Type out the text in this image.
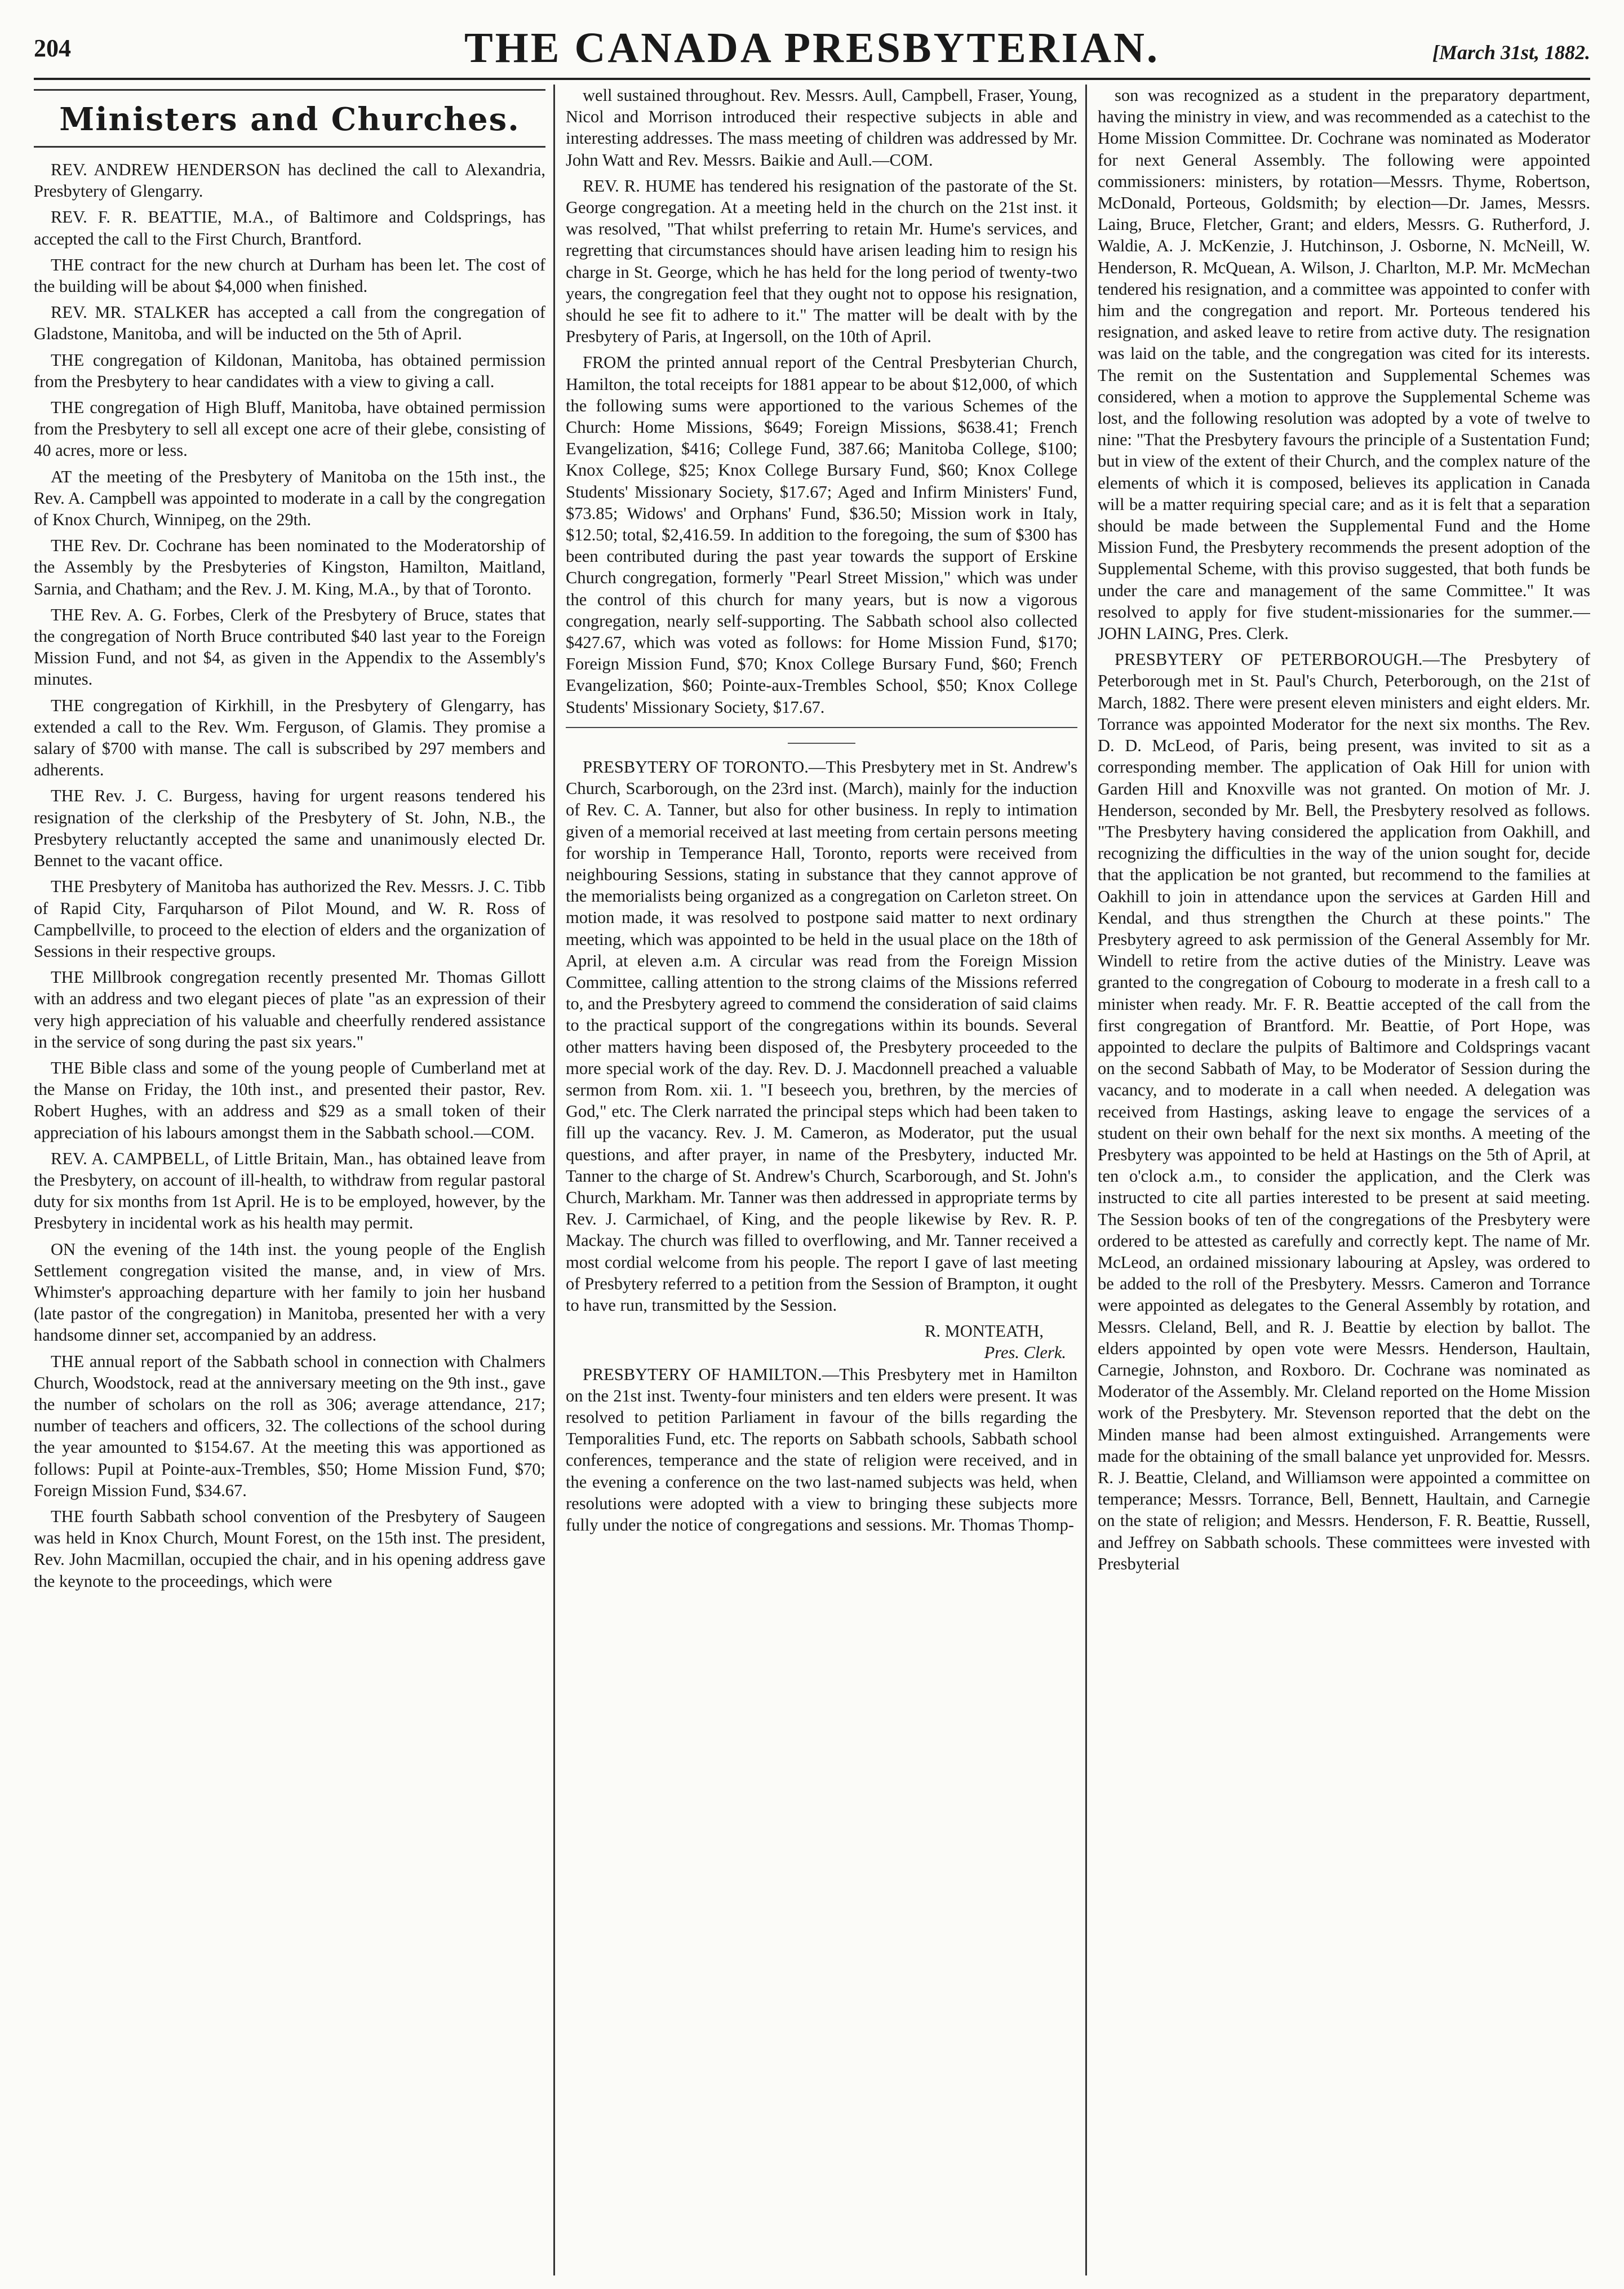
204	THE CANADA PRESBYTERIAN.	[March 31st, 1882.
Ministers and Churches.

REV. ANDREW HENDERSON has declined the call to Alexandria, Presbytery of Glengarry.

REV. F. R. BEATTIE, M.A., of Baltimore and Coldsprings, has accepted the call to the First Church, Brantford.

THE contract for the new church at Durham has been let. The cost of the building will be about $4,000 when finished.

REV. MR. STALKER has accepted a call from the congregation of Gladstone, Manitoba, and will be inducted on the 5th of April.

THE congregation of Kildonan, Manitoba, has obtained permission from the Presbytery to hear candidates with a view to giving a call.

THE congregation of High Bluff, Manitoba, have obtained permission from the Presbytery to sell all except one acre of their glebe, consisting of 40 acres, more or less.

AT the meeting of the Presbytery of Manitoba on the 15th inst., the Rev. A. Campbell was appointed to moderate in a call by the congregation of Knox Church, Winnipeg, on the 29th.

THE Rev. Dr. Cochrane has been nominated to the Moderatorship of the Assembly by the Presbyteries of Kingston, Hamilton, Maitland, Sarnia, and Chatham; and the Rev. J. M. King, M.A., by that of Toronto.

THE Rev. A. G. Forbes, Clerk of the Presbytery of Bruce, states that the congregation of North Bruce contributed $40 last year to the Foreign Mission Fund, and not $4, as given in the Appendix to the Assembly's minutes.

THE congregation of Kirkhill, in the Presbytery of Glengarry, has extended a call to the Rev. Wm. Ferguson, of Glamis. They promise a salary of $700 with manse. The call is subscribed by 297 members and adherents.

THE Rev. J. C. Burgess, having for urgent reasons tendered his resignation of the clerkship of the Presbytery of St. John, N.B., the Presbytery reluctantly accepted the same and unanimously elected Dr. Bennet to the vacant office.

THE Presbytery of Manitoba has authorized the Rev. Messrs. J. C. Tibb of Rapid City, Farquharson of Pilot Mound, and W. R. Ross of Campbellville, to proceed to the election of elders and the organization of Sessions in their respective groups.

THE Millbrook congregation recently presented Mr. Thomas Gillott with an address and two elegant pieces of plate "as an expression of their very high appreciation of his valuable and cheerfully rendered assistance in the service of song during the past six years."

THE Bible class and some of the young people of Cumberland met at the Manse on Friday, the 10th inst., and presented their pastor, Rev. Robert Hughes, with an address and $29 as a small token of their appreciation of his labours amongst them in the Sabbath school.—COM.

REV. A. CAMPBELL, of Little Britain, Man., has obtained leave from the Presbytery, on account of ill-health, to withdraw from regular pastoral duty for six months from 1st April. He is to be employed, however, by the Presbytery in incidental work as his health may permit.

ON the evening of the 14th inst. the young people of the English Settlement congregation visited the manse, and, in view of Mrs. Whimster's approaching departure with her family to join her husband (late pastor of the congregation) in Manitoba, presented her with a very handsome dinner set, accompanied by an address.

THE annual report of the Sabbath school in connection with Chalmers Church, Woodstock, read at the anniversary meeting on the 9th inst., gave the number of scholars on the roll as 306; average attendance, 217; number of teachers and officers, 32. The collections of the school during the year amounted to $154.67. At the meeting this was apportioned as follows: Pupil at Pointe-aux-Trembles, $50; Home Mission Fund, $70; Foreign Mission Fund, $34.67.

THE fourth Sabbath school convention of the Presbytery of Saugeen was held in Knox Church, Mount Forest, on the 15th inst. The president, Rev. John Macmillan, occupied the chair, and in his opening address gave the keynote to the proceedings, which were

well sustained throughout. Rev. Messrs. Aull, Campbell, Fraser, Young, Nicol and Morrison introduced their respective subjects in able and interesting addresses. The mass meeting of children was addressed by Mr. John Watt and Rev. Messrs. Baikie and Aull.—COM.

REV. R. HUME has tendered his resignation of the pastorate of the St. George congregation. At a meeting held in the church on the 21st inst. it was resolved, "That whilst preferring to retain Mr. Hume's services, and regretting that circumstances should have arisen leading him to resign his charge in St. George, which he has held for the long period of twenty-two years, the congregation feel that they ought not to oppose his resignation, should he see fit to adhere to it." The matter will be dealt with by the Presbytery of Paris, at Ingersoll, on the 10th of April.

FROM the printed annual report of the Central Presbyterian Church, Hamilton, the total receipts for 1881 appear to be about $12,000, of which the following sums were apportioned to the various Schemes of the Church: Home Missions, $649; Foreign Missions, $638.41; French Evangelization, $416; College Fund, 387.66; Manitoba College, $100; Knox College, $25; Knox College Bursary Fund, $60; Knox College Students' Missionary Society, $17.67; Aged and Infirm Ministers' Fund, $73.85; Widows' and Orphans' Fund, $36.50; Mission work in Italy, $12.50; total, $2,416.59. In addition to the foregoing, the sum of $300 has been contributed during the past year towards the support of Erskine Church congregation, formerly "Pearl Street Mission," which was under the control of this church for many years, but is now a vigorous congregation, nearly self-supporting. The Sabbath school also collected $427.67, which was voted as follows: for Home Mission Fund, $170; Foreign Mission Fund, $70; Knox College Bursary Fund, $60; French Evangelization, $60; Pointe-aux-Trembles School, $50; Knox College Students' Missionary Society, $17.67.

PRESBYTERY OF TORONTO.—This Presbytery met in St. Andrew's Church, Scarborough, on the 23rd inst. (March), mainly for the induction of Rev. C. A. Tanner, but also for other business. In reply to intimation given of a memorial received at last meeting from certain persons meeting for worship in Temperance Hall, Toronto, reports were received from neighbouring Sessions, stating in substance that they cannot approve of the memorialists being organized as a congregation on Carleton street. On motion made, it was resolved to postpone said matter to next ordinary meeting, which was appointed to be held in the usual place on the 18th of April, at eleven a.m. A circular was read from the Foreign Mission Committee, calling attention to the strong claims of the Missions referred to, and the Presbytery agreed to commend the consideration of said claims to the practical support of the congregations within its bounds. Several other matters having been disposed of, the Presbytery proceeded to the more special work of the day. Rev. D. J. Macdonnell preached a valuable sermon from Rom. xii. 1. "I beseech you, brethren, by the mercies of God," etc. The Clerk narrated the principal steps which had been taken to fill up the vacancy. Rev. J. M. Cameron, as Moderator, put the usual questions, and after prayer, in name of the Presbytery, inducted Mr. Tanner to the charge of St. Andrew's Church, Scarborough, and St. John's Church, Markham. Mr. Tanner was then addressed in appropriate terms by Rev. J. Carmichael, of King, and the people likewise by Rev. R. P. Mackay. The church was filled to overflowing, and Mr. Tanner received a most cordial welcome from his people. The report I gave of last meeting of Presbytery referred to a petition from the Session of Brampton, it ought to have run, transmitted by the Session.

R. MONTEATH,
Pres. Clerk.

PRESBYTERY OF HAMILTON.—This Presbytery met in Hamilton on the 21st inst. Twenty-four ministers and ten elders were present. It was resolved to petition Parliament in favour of the bills regarding the Temporalities Fund, etc. The reports on Sabbath schools, Sabbath school conferences, temperance and the state of religion were received, and in the evening a conference on the two last-named subjects was held, when resolutions were adopted with a view to bringing these subjects more fully under the notice of congregations and sessions. Mr. Thomas Thomp-

son was recognized as a student in the preparatory department, having the ministry in view, and was recommended as a catechist to the Home Mission Committee. Dr. Cochrane was nominated as Moderator for next General Assembly. The following were appointed commissioners: ministers, by rotation—Messrs. Thyme, Robertson, McDonald, Porteous, Goldsmith; by election—Dr. James, Messrs. Laing, Bruce, Fletcher, Grant; and elders, Messrs. G. Rutherford, J. Waldie, A. J. McKenzie, J. Hutchinson, J. Osborne, N. McNeill, W. Henderson, R. McQuean, A. Wilson, J. Charlton, M.P. Mr. McMechan tendered his resignation, and a committee was appointed to confer with him and the congregation and report. Mr. Porteous tendered his resignation, and asked leave to retire from active duty. The resignation was laid on the table, and the congregation was cited for its interests. The remit on the Sustentation and Supplemental Schemes was considered, when a motion to approve the Supplemental Scheme was lost, and the following resolution was adopted by a vote of twelve to nine: "That the Presbytery favours the principle of a Sustentation Fund; but in view of the extent of their Church, and the complex nature of the elements of which it is composed, believes its application in Canada will be a matter requiring special care; and as it is felt that a separation should be made between the Supplemental Fund and the Home Mission Fund, the Presbytery recommends the present adoption of the Supplemental Scheme, with this proviso suggested, that both funds be under the care and management of the same Committee." It was resolved to apply for five student-missionaries for the summer.—JOHN LAING, Pres. Clerk.

PRESBYTERY OF PETERBOROUGH.—The Presbytery of Peterborough met in St. Paul's Church, Peterborough, on the 21st of March, 1882. There were present eleven ministers and eight elders. Mr. Torrance was appointed Moderator for the next six months. The Rev. D. D. McLeod, of Paris, being present, was invited to sit as a corresponding member. The application of Oak Hill for union with Garden Hill and Knoxville was not granted. On motion of Mr. J. Henderson, seconded by Mr. Bell, the Presbytery resolved as follows. "The Presbytery having considered the application from Oakhill, and recognizing the difficulties in the way of the union sought for, decide that the application be not granted, but recommend to the families at Oakhill to join in attendance upon the services at Garden Hill and Kendal, and thus strengthen the Church at these points." The Presbytery agreed to ask permission of the General Assembly for Mr. Windell to retire from the active duties of the Ministry. Leave was granted to the congregation of Cobourg to moderate in a fresh call to a minister when ready. Mr. F. R. Beattie accepted of the call from the first congregation of Brantford. Mr. Beattie, of Port Hope, was appointed to declare the pulpits of Baltimore and Coldsprings vacant on the second Sabbath of May, to be Moderator of Session during the vacancy, and to moderate in a call when needed. A delegation was received from Hastings, asking leave to engage the services of a student on their own behalf for the next six months. A meeting of the Presbytery was appointed to be held at Hastings on the 5th of April, at ten o'clock a.m., to consider the application, and the Clerk was instructed to cite all parties interested to be present at said meeting. The Session books of ten of the congregations of the Presbytery were ordered to be attested as carefully and correctly kept. The name of Mr. McLeod, an ordained missionary labouring at Apsley, was ordered to be added to the roll of the Presbytery. Messrs. Cameron and Torrance were appointed as delegates to the General Assembly by rotation, and Messrs. Cleland, Bell, and R. J. Beattie by election by ballot. The elders appointed by open vote were Messrs. Henderson, Haultain, Carnegie, Johnston, and Roxboro. Dr. Cochrane was nominated as Moderator of the Assembly. Mr. Cleland reported on the Home Mission work of the Presbytery. Mr. Stevenson reported that the debt on the Minden manse had been almost extinguished. Arrangements were made for the obtaining of the small balance yet unprovided for. Messrs. R. J. Beattie, Cleland, and Williamson were appointed a committee on temperance; Messrs. Torrance, Bell, Bennett, Haultain, and Carnegie on the state of religion; and Messrs. Henderson, F. R. Beattie, Russell, and Jeffrey on Sabbath schools. These committees were invested with Presbyterial
